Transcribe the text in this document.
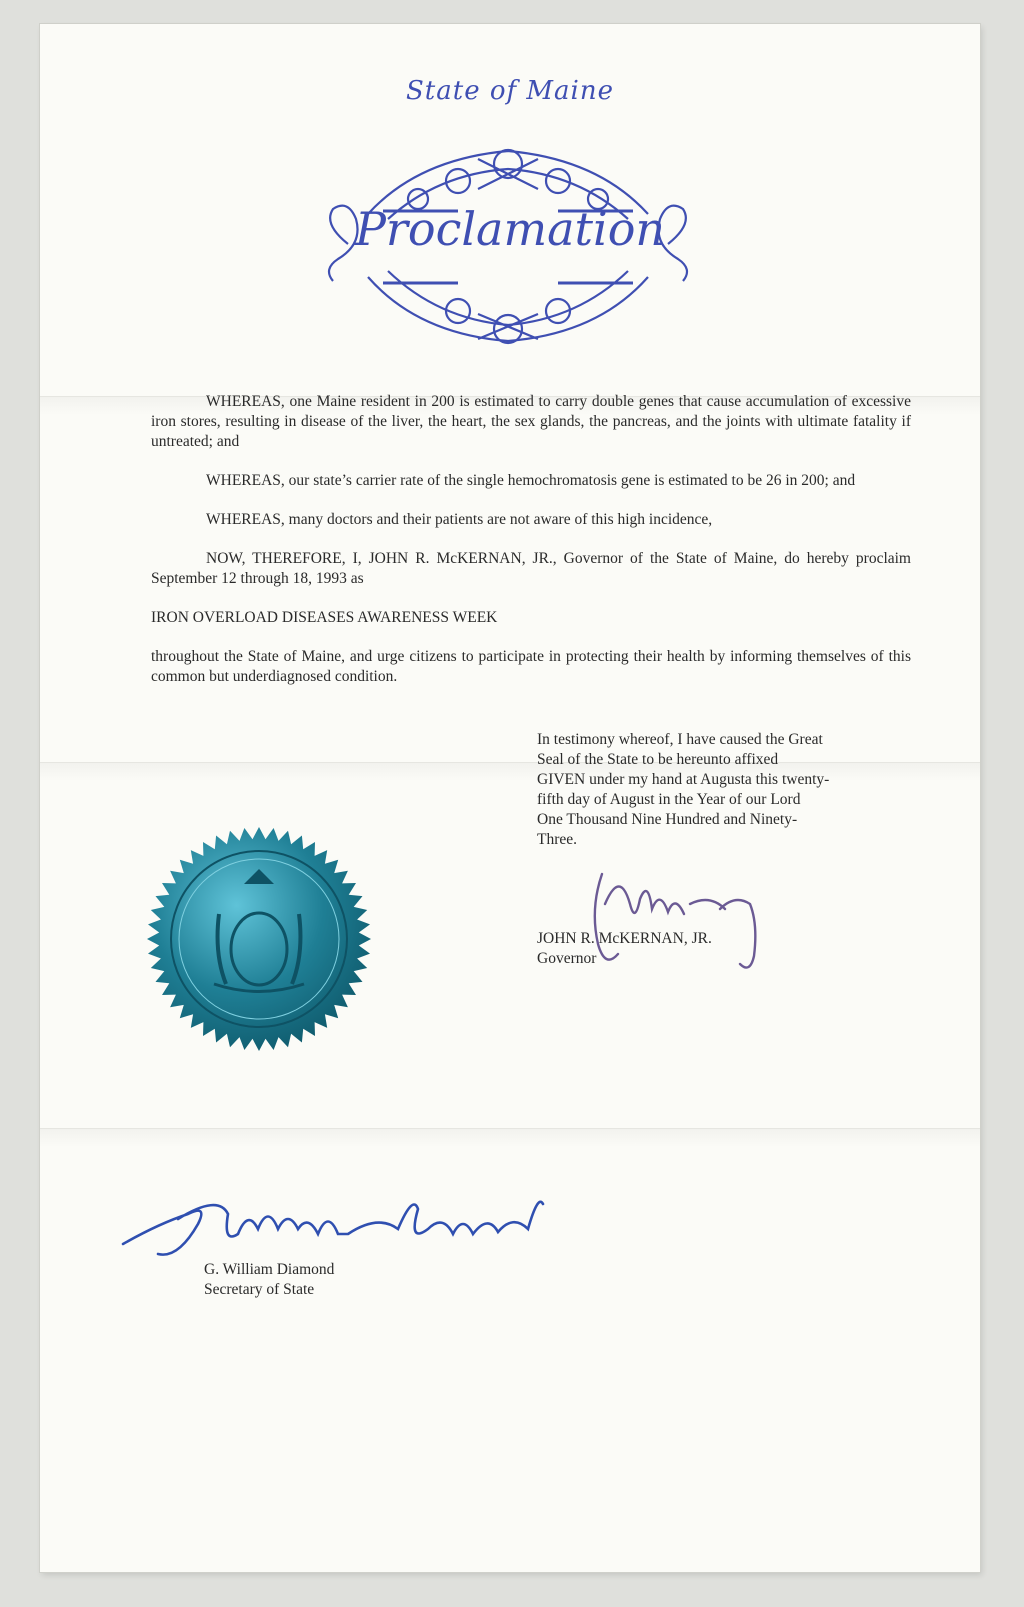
State of Maine
Proclamation

WHEREAS, one Maine resident in 200 is estimated to carry double genes that cause accumulation of excessive iron stores, resulting in disease of the liver, the heart, the sex glands, the pancreas, and the joints with ultimate fatality if untreated; and

WHEREAS, our state’s carrier rate of the single hemochromatosis gene is estimated to be 26 in 200; and

WHEREAS, many doctors and their patients are not aware of this high incidence,

NOW, THEREFORE, I, JOHN R. McKERNAN, JR., Governor of the State of Maine, do hereby proclaim September 12 through 18, 1993 as

IRON OVERLOAD DISEASES AWARENESS WEEK

throughout the State of Maine, and urge citizens to participate in protecting their health by informing themselves of this common but underdiagnosed condition.

In testimony whereof, I have caused the Great
Seal of the State to be hereunto affixed
GIVEN under my hand at Augusta this twenty-
fifth day of August in the Year of our Lord
One Thousand Nine Hundred and Ninety-
Three.
JOHN R. McKERNAN, JR.
Governor
G. William Diamond
Secretary of State
